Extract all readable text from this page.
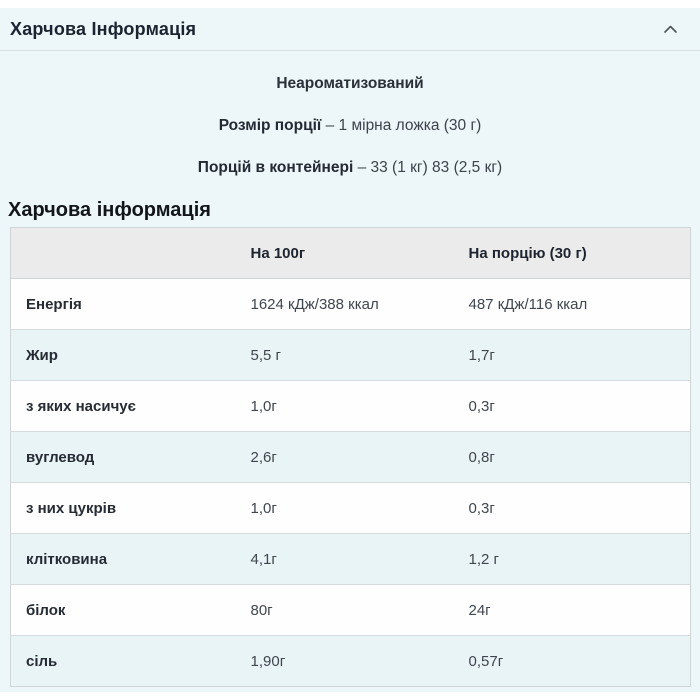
Харчова Інформація
Неароматизований
Розмір порції – 1 мірна ложка (30 г)
Порцій в контейнері – 33 (1 кг) 83 (2,5 кг)
Харчова інформація
	На 100г	На порцію (30 г)
Енергія	1624 кДж/388 ккал	487 кДж/116 ккал
Жир	5,5 г	1,7г
з яких насичує	1,0г	0,3г
вуглевод	2,6г	0,8г
з них цукрів	1,0г	0,3г
клітковина	4,1г	1,2 г
білок	80г	24г
сіль	1,90г	0,57г
